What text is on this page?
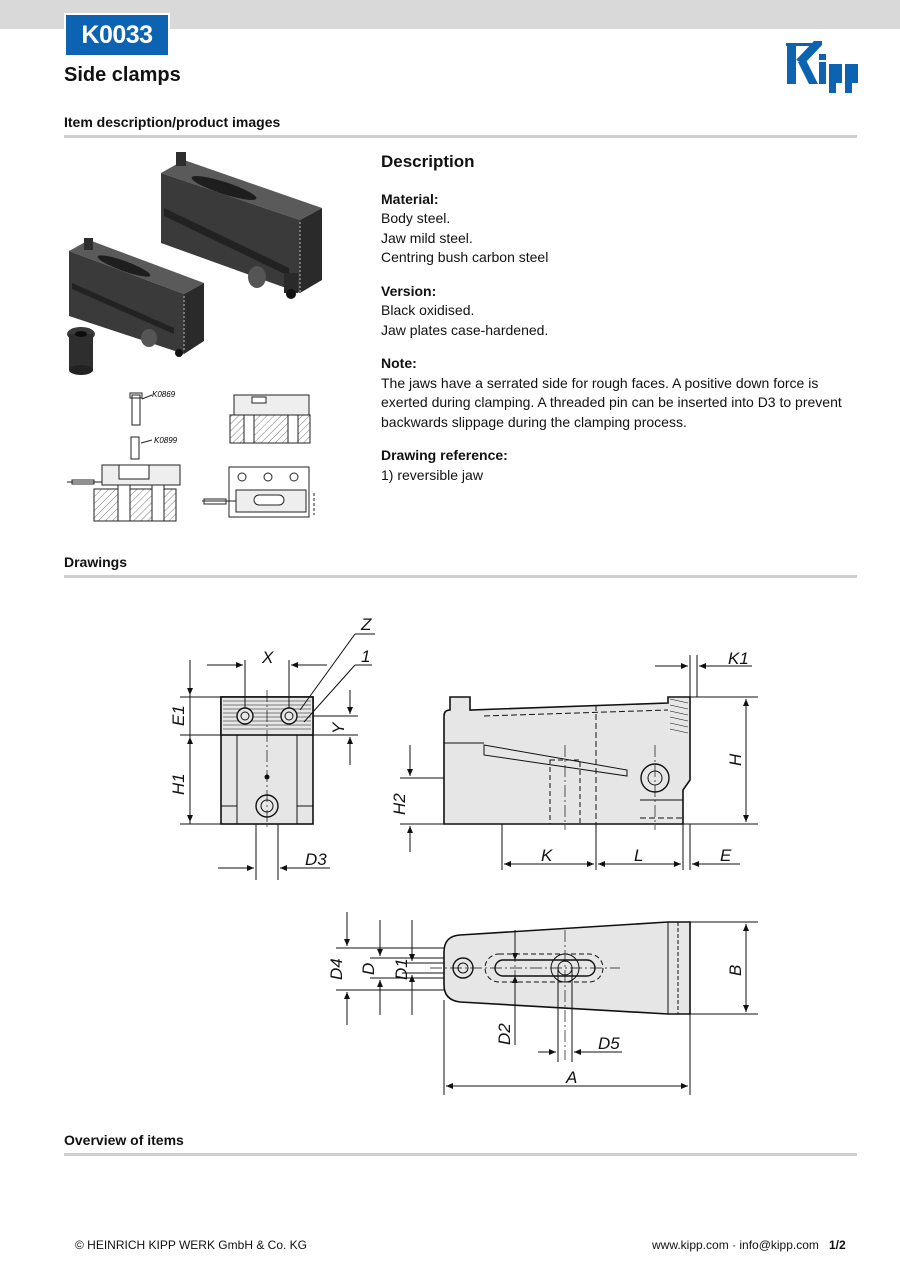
K0033
Side clamps
Item description/product images
K0869
K0899
Description
Material:
Body steel.
Jaw mild steel.
Centring bush carbon steel
Version:
Black oxidised.
Jaw plates case-hardened.
Note:
The jaws have a serrated side for rough faces. A positive down force is exerted during clamping. A threaded pin can be inserted into D3 to prevent backwards slippage during the clamping process.
Drawing reference:
1) reversible jaw
Drawings
Z
1
X
E1
Y
H1
D3
K1
H
H2
K	L	E
D4 D D1	B
D2	D5
A
Overview of items
© HEINRICH KIPP WERK GmbH & Co. KG	www.kipp.com · info@kipp.com 1/2
